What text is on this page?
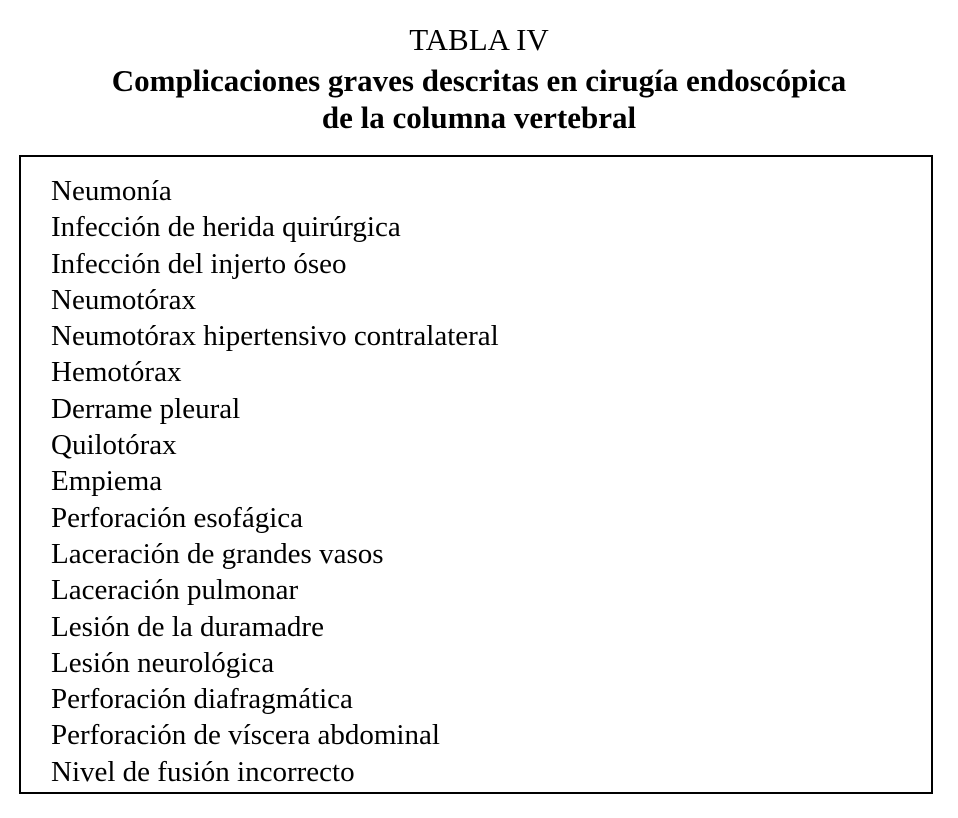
TABLA IV
Complicaciones graves descritas en cirugía endoscópica
de la columna vertebral
Neumonía
Infección de herida quirúrgica
Infección del injerto óseo
Neumotórax
Neumotórax hipertensivo contralateral
Hemotórax
Derrame pleural
Quilotórax
Empiema
Perforación esofágica
Laceración de grandes vasos
Laceración pulmonar
Lesión de la duramadre
Lesión neurológica
Perforación diafragmática
Perforación de víscera abdominal
Nivel de fusión incorrecto
